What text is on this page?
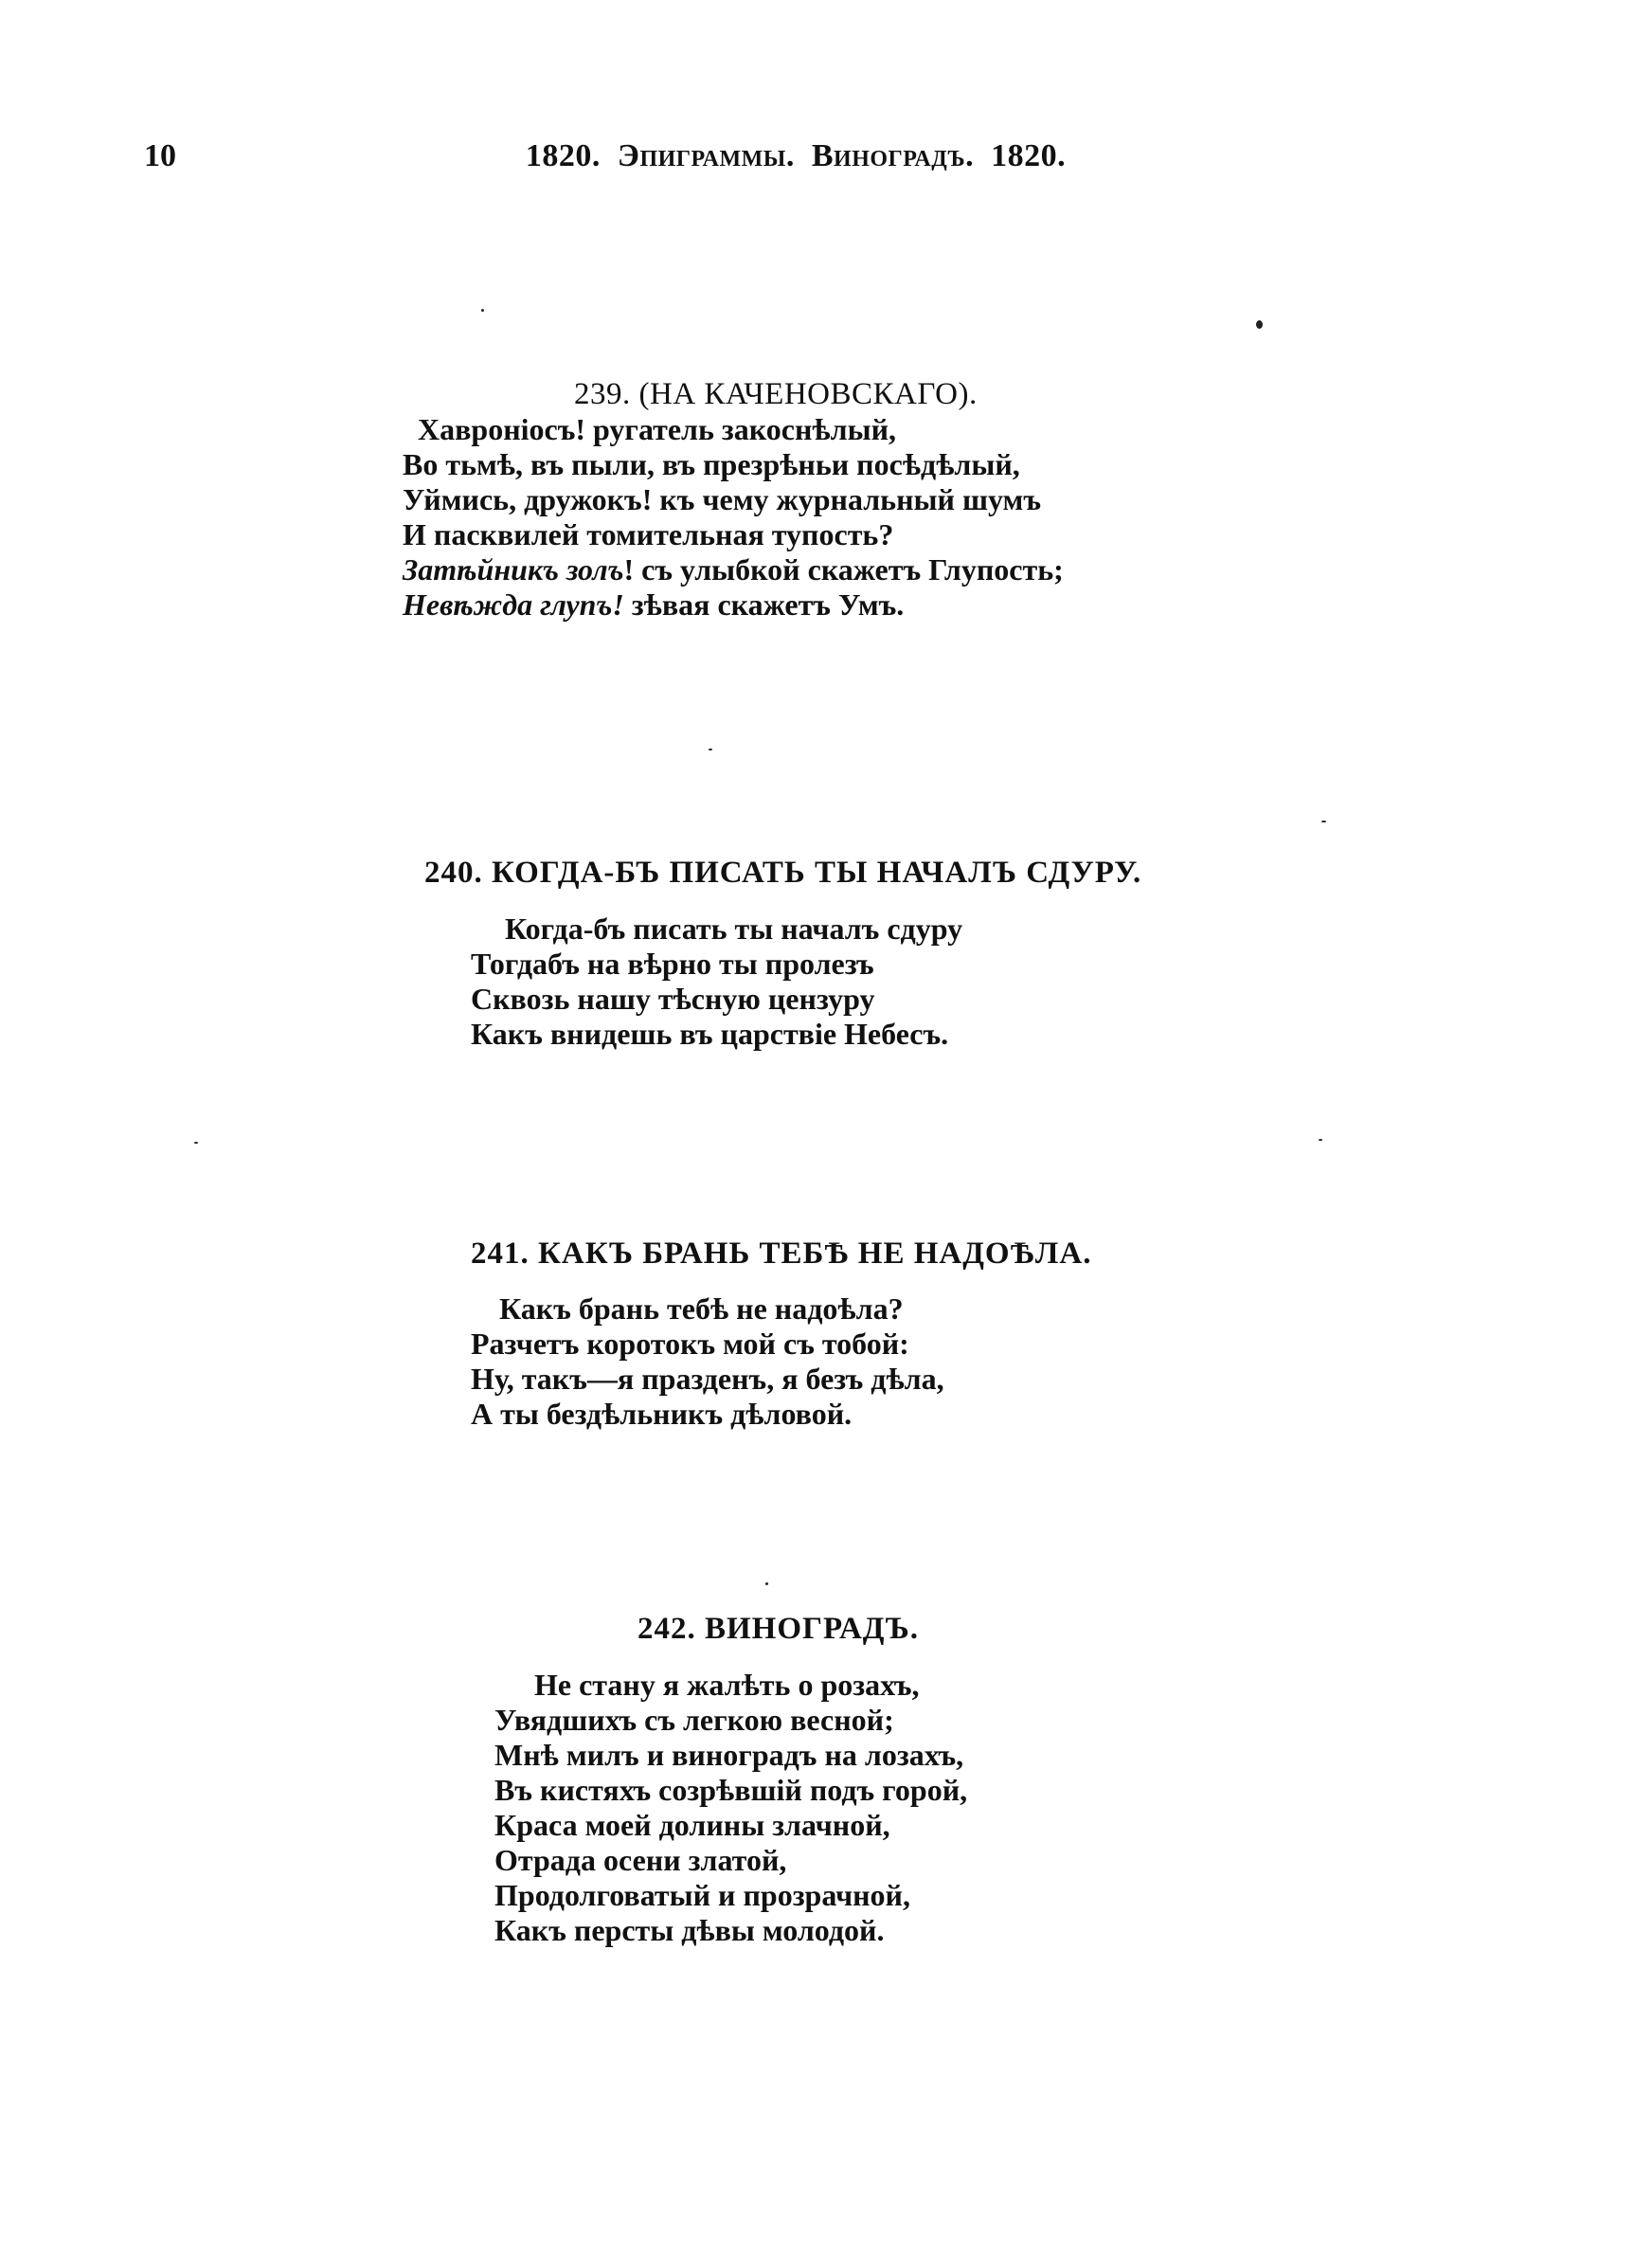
10	1820. Эпиграммы. Виноградъ. 1820.
239. (НА КАЧЕНОВСКАГО).
Хавроніосъ! ругатель закоснѣлый,
Во тьмѣ, въ пыли, въ презрѣньи посѣдѣлый,
Уймись, дружокъ! къ чему журнальный шумъ
И пасквилей томительная тупость?
Затѣйникъ золъ! съ улыбкой скажетъ Глупость;
Невѣжда глупъ! зѣвая скажетъ Умъ.
240. КОГДА-БЪ ПИСАТЬ ТЫ НАЧАЛЪ СДУРУ.
Когда-бъ писать ты началъ сдуру
Тогдабъ на вѣрно ты пролезъ
Сквозь нашу тѣсную цензуру
Какъ внидешь въ царствіе Небесъ.
241. КАКЪ БРАНЬ ТЕБѢ НЕ НАДОѢЛА.
Какъ брань тебѣ не надоѣла?
Разчетъ коротокъ мой съ тобой:
Ну, такъ—я празденъ, я безъ дѣла,
А ты бездѣльникъ дѣловой.
242. ВИНОГРАДЪ.
Не стану я жалѣть о розахъ,
Увядшихъ съ легкою весной;
Мнѣ милъ и виноградъ на лозахъ,
Въ кистяхъ созрѣвшій подъ горой,
Краса моей долины злачной,
Отрада осени златой,
Продолговатый и прозрачной,
Какъ персты дѣвы молодой.
